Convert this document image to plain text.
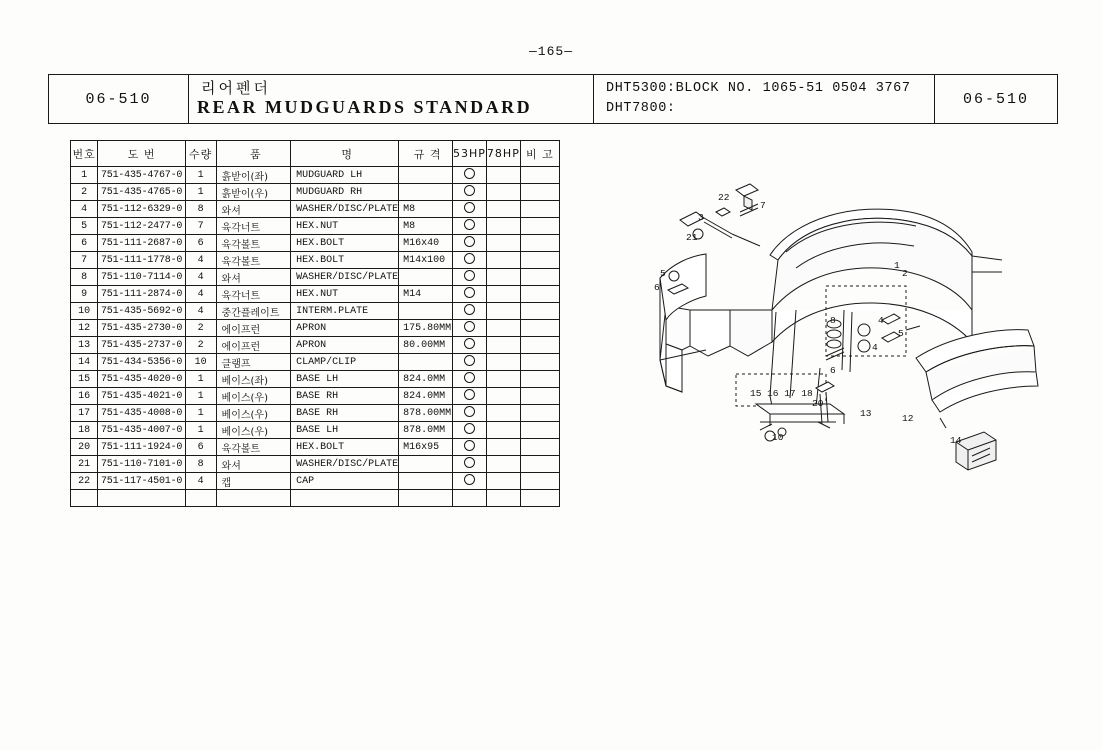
—165—
06-510
리어펜더
REAR MUDGUARDS STANDARD
DHT5300:BLOCK NO. 1065-51 0504 3767
DHT7800:
06-510
번호	도 번	수량	품	명	규 격	53HP	78HP	비 고
1	751-435-4767-0	1	흙받이(좌)	MUDGUARD LH				
2	751-435-4765-0	1	흙받이(우)	MUDGUARD RH				
4	751-112-6329-0	8	와셔	WASHER/DISC/PLATE	M8			
5	751-112-2477-0	7	육각너트	HEX.NUT	M8			
6	751-111-2687-0	6	육각볼트	HEX.BOLT	M16x40			
7	751-111-1778-0	4	육각볼트	HEX.BOLT	M14x100			
8	751-110-7114-0	4	와셔	WASHER/DISC/PLATE				
9	751-111-2874-0	4	육각너트	HEX.NUT	M14			
10	751-435-5692-0	4	중간플레이트	INTERM.PLATE				
12	751-435-2730-0	2	에이프런	APRON	175.80MM			
13	751-435-2737-0	2	에이프런	APRON	80.00MM			
14	751-434-5356-0	10	클램프	CLAMP/CLIP				
15	751-435-4020-0	1	베이스(좌)	BASE LH	824.0MM			
16	751-435-4021-0	1	베이스(우)	BASE RH	824.0MM			
17	751-435-4008-0	1	베이스(우)	BASE RH	878.00MM			
18	751-435-4007-0	1	베이스(우)	BASE LH	878.0MM			
20	751-111-1924-0	6	육각볼트	HEX.BOLT	M16x95			
21	751-110-7101-0	8	와셔	WASHER/DISC/PLATE				
22	751-117-4501-0	4	캡	CAP				

22
7
3
21
1
2
5
6
8	4
5
4
6
15 16 17 18
20
13	12
14
10
